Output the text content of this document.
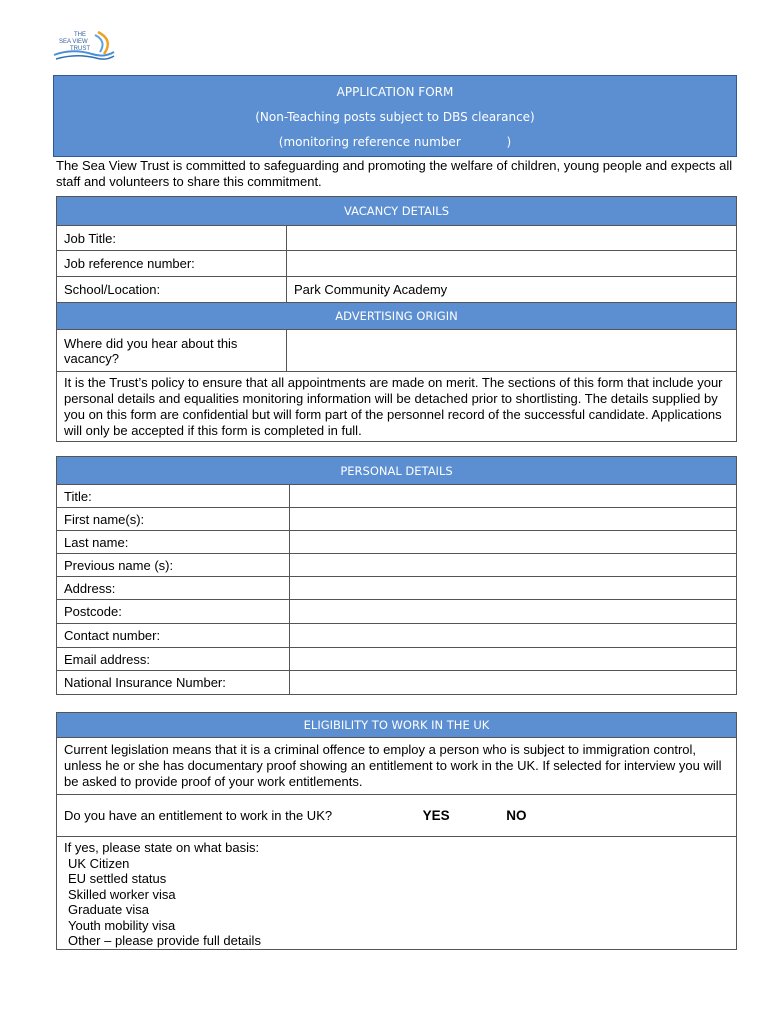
THE
SEA VIEW
TRUST
APPLICATION FORM
(Non-Teaching posts subject to DBS clearance)
(monitoring reference number            )
The Sea View Trust is committed to safeguarding and promoting the welfare of children, young people and expects all staff and volunteers to share this commitment.
VACANCY DETAILS	
Job Title:	
Job reference number:	
School/Location:	Park Community Academy
ADVERTISING ORIGIN	
Where did you hear about this vacancy?	
It is the Trust’s policy to ensure that all appointments are made on merit. The sections of this form that include your personal details and equalities monitoring information will be detached prior to shortlisting. The details supplied by you on this form are confidential but will form part of the personnel record of the successful candidate. Applications will only be accepted if this form is completed in full.	
PERSONAL DETAILS	
Title:	
First name(s):	
Last name:	
Previous name (s):	
Address:	
Postcode:	
Contact number:	
Email address:	
National Insurance Number:	
ELIGIBILITY TO WORK IN THE UK
Current legislation means that it is a criminal offence to employ a person who is subject to immigration control, unless he or she has documentary proof showing an entitlement to work in the UK. If selected for interview you will be asked to provide proof of your work entitlements.
Do you have an entitlement to work in the UK?	YES	NO

If yes, please state on what basis:
UK Citizen
EU settled status
Skilled worker visa
Graduate visa
Youth mobility visa
Other – please provide full details
